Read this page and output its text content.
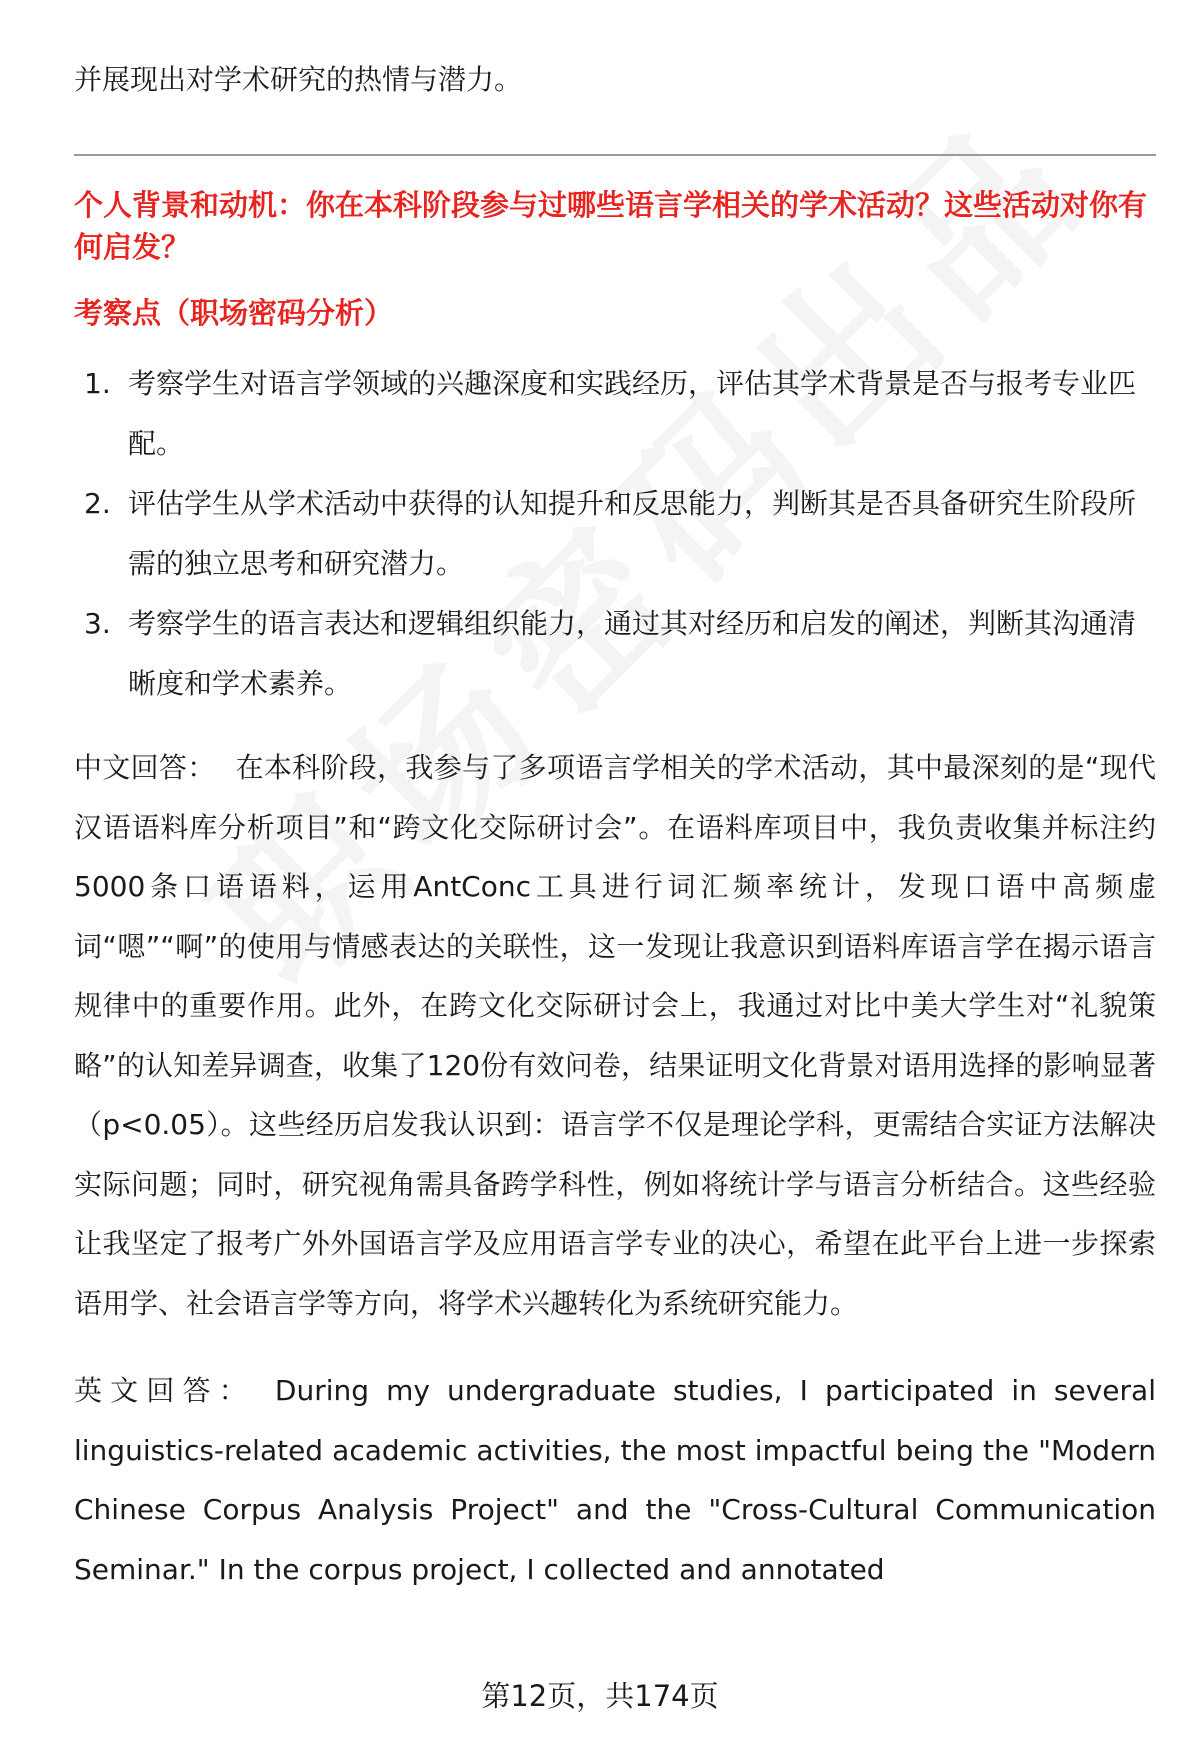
并展现出对学术研究的热情与潜力。

个人背景和动机：你在本科阶段参与过哪些语言学相关的学术活动？这些活动对你有何启发？

考察点（职场密码分析）

1. 考察学生对语言学领域的兴趣深度和实践经历，评估其学术背景是否与报考专业匹配。
2. 评估学生从学术活动中获得的认知提升和反思能力，判断其是否具备研究生阶段所需的独立思考和研究潜力。
3. 考察学生的语言表达和逻辑组织能力，通过其对经历和启发的阐述，判断其沟通清晰度和学术素养。

中文回答： 在本科阶段，我参与了多项语言学相关的学术活动，其中最深刻的是“现代汉语语料库分析项目”和“跨文化交际研讨会”。在语料库项目中，我负责收集并标注约5000条口语语料，运用AntConc工具进行词汇频率统计，发现口语中高频虚词“嗯”“啊”的使用与情感表达的关联性，这一发现让我意识到语料库语言学在揭示语言规律中的重要作用。此外，在跨文化交际研讨会上，我通过对比中美大学生对“礼貌策略”的认知差异调查，收集了120份有效问卷，结果证明文化背景对语用选择的影响显著（p<0.05）。这些经历启发我认识到：语言学不仅是理论学科，更需结合实证方法解决实际问题；同时，研究视角需具备跨学科性，例如将统计学与语言分析结合。这些经验让我坚定了报考广外外国语言学及应用语言学专业的决心，希望在此平台上进一步探索语用学、社会语言学等方向，将学术兴趣转化为系统研究能力。

英文回答： During my undergraduate studies, I participated in several linguistics-related academic activities, the most impactful being the "Modern Chinese Corpus Analysis Project" and the "Cross-Cultural Communication Seminar." In the corpus project, I collected and annotated

第12页，共174页
